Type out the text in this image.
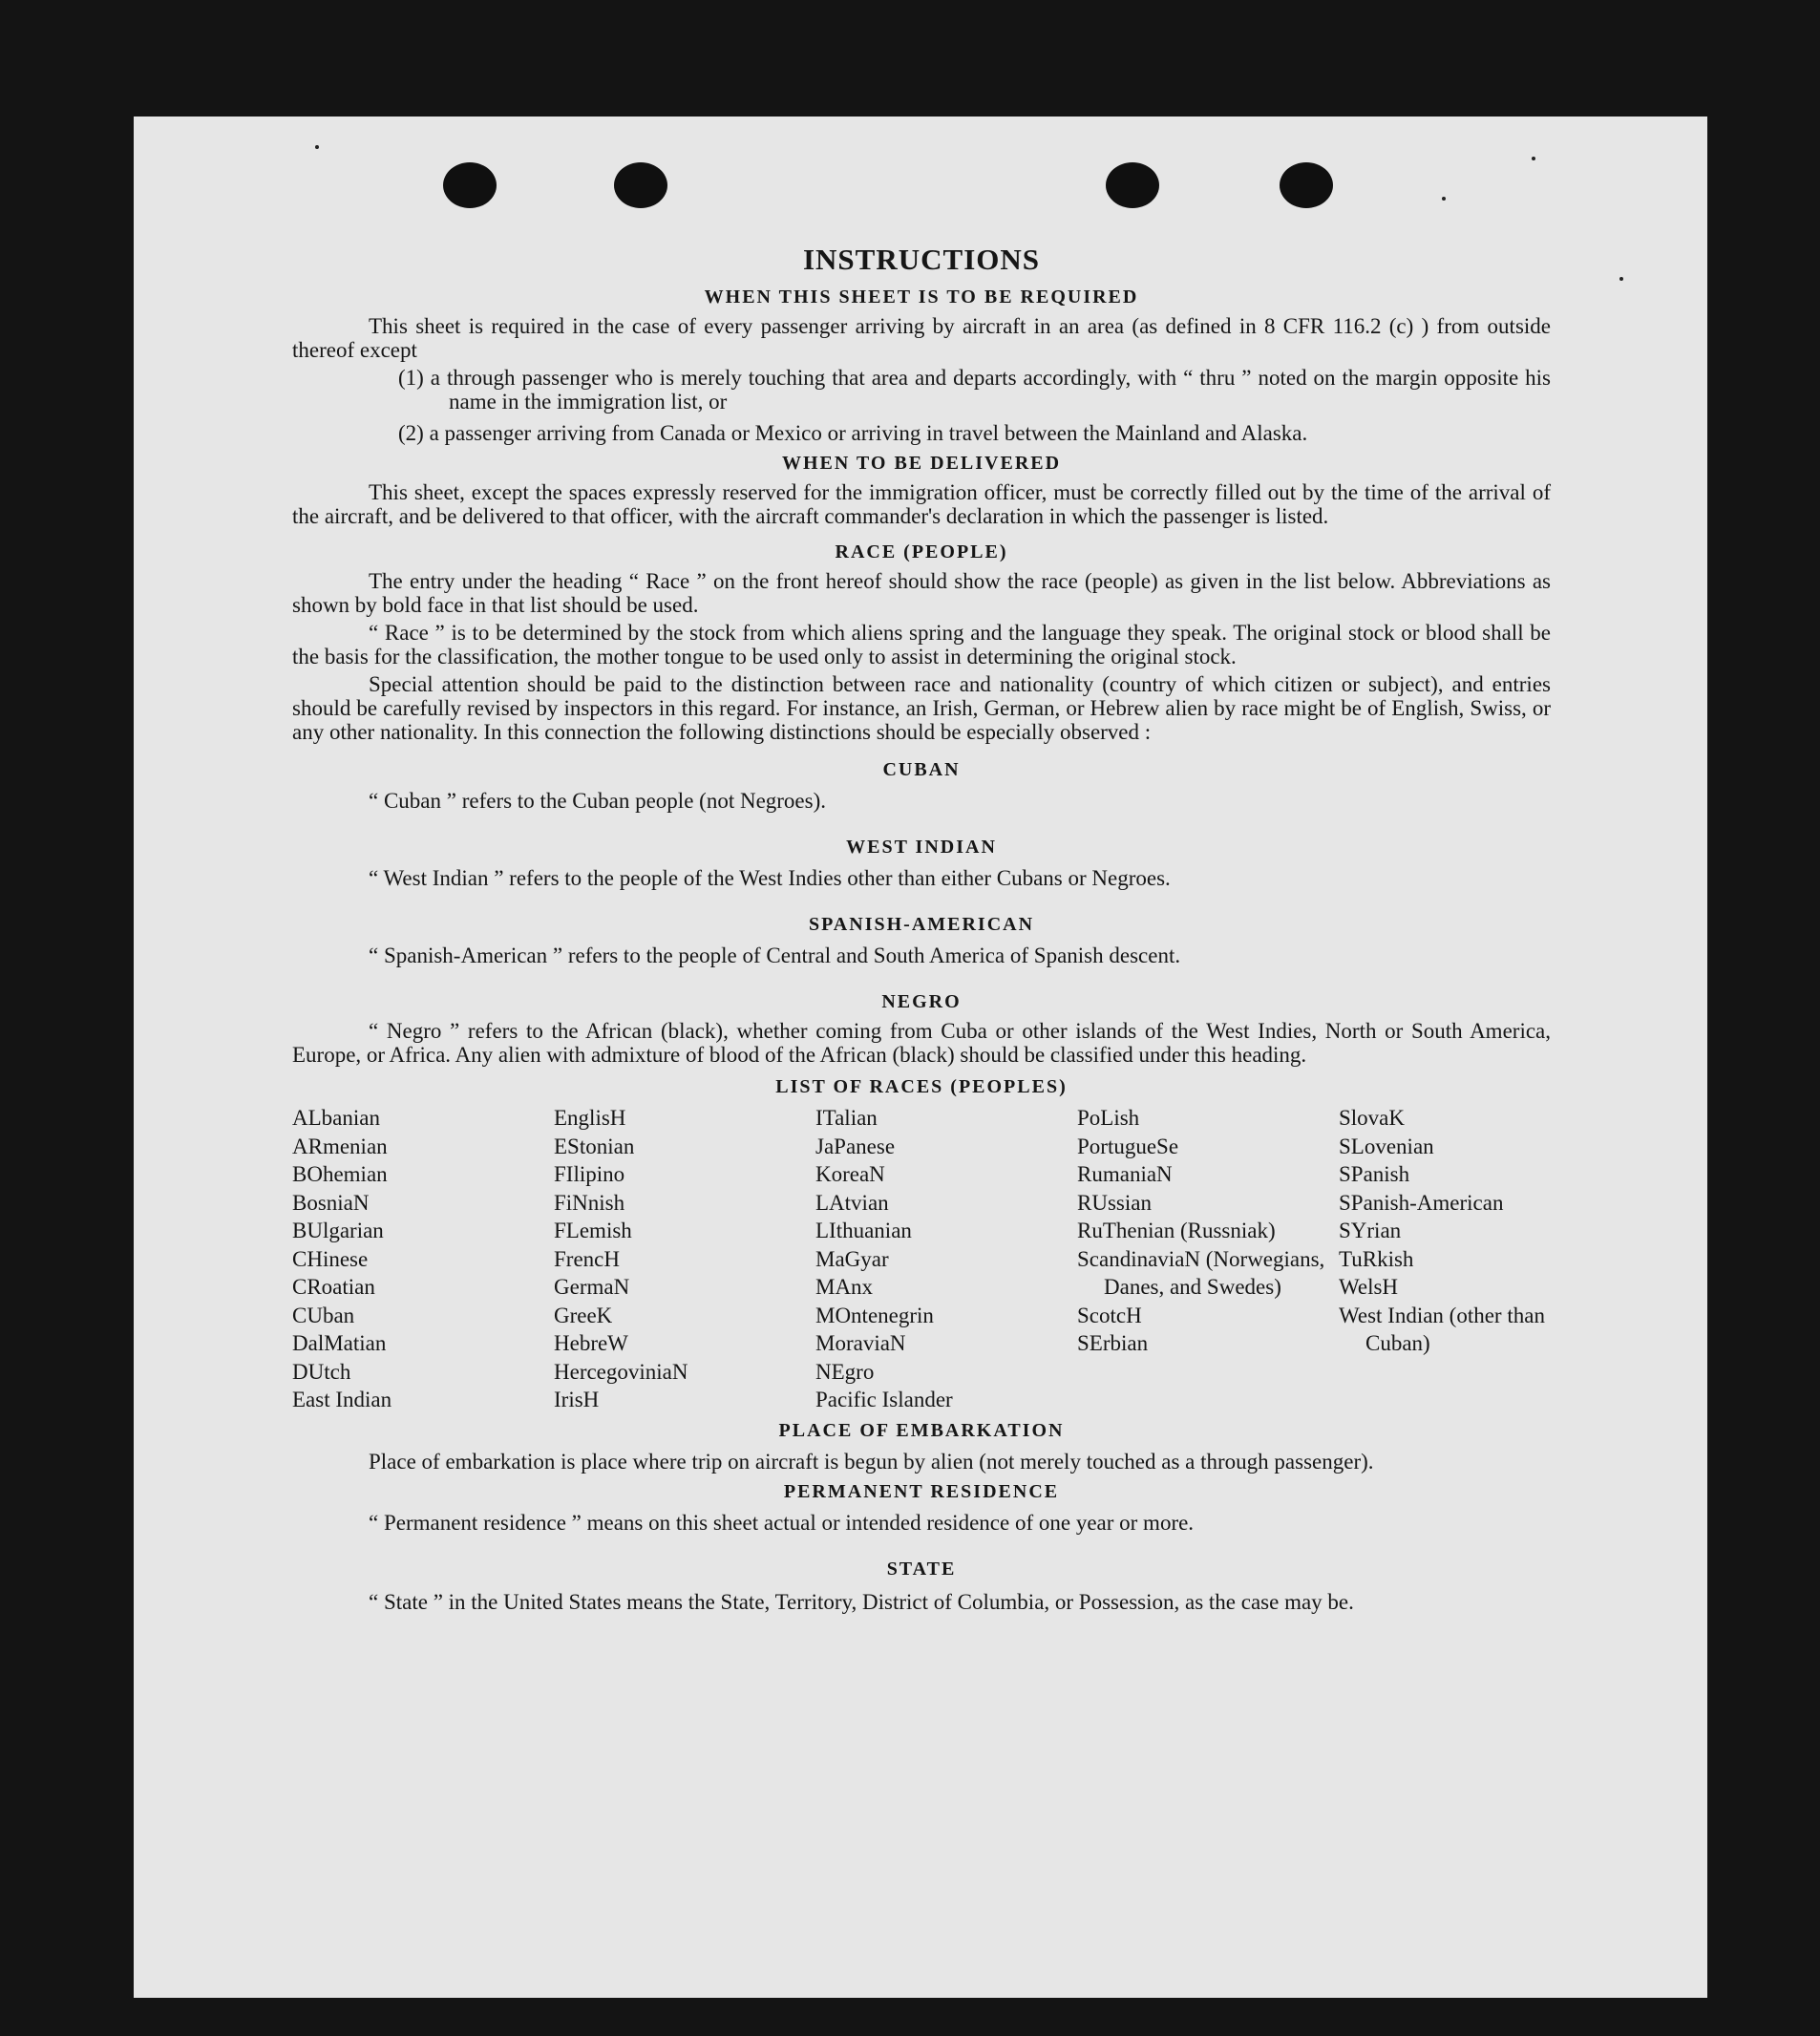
INSTRUCTIONS
WHEN THIS SHEET IS TO BE REQUIRED
This sheet is required in the case of every passenger arriving by aircraft in an area (as defined in 8 CFR 116.2 (c) ) from outside thereof except
(1) a through passenger who is merely touching that area and departs accordingly, with “ thru ” noted on the margin opposite his name in the immigration list, or
(2) a passenger arriving from Canada or Mexico or arriving in travel between the Mainland and Alaska.
WHEN TO BE DELIVERED
This sheet, except the spaces expressly reserved for the immigration officer, must be correctly filled out by the time of the arrival of the aircraft, and be delivered to that officer, with the aircraft commander's declaration in which the passenger is listed.
RACE (PEOPLE)
The entry under the heading “ Race ” on the front hereof should show the race (people) as given in the list below. Abbreviations as shown by bold face in that list should be used.
“ Race ” is to be determined by the stock from which aliens spring and the language they speak. The original stock or blood shall be the basis for the classification, the mother tongue to be used only to assist in determining the original stock.
Special attention should be paid to the distinction between race and nationality (country of which citizen or subject), and entries should be carefully revised by inspectors in this regard. For instance, an Irish, German, or Hebrew alien by race might be of English, Swiss, or any other nationality. In this connection the following distinctions should be especially observed :
CUBAN
“ Cuban ” refers to the Cuban people (not Negroes).
WEST INDIAN
“ West Indian ” refers to the people of the West Indies other than either Cubans or Negroes.
SPANISH-AMERICAN
“ Spanish-American ” refers to the people of Central and South America of Spanish descent.
NEGRO
“ Negro ” refers to the African (black), whether coming from Cuba or other islands of the West Indies, North or South America, Europe, or Africa. Any alien with admixture of blood of the African (black) should be classified under this heading.
LIST OF RACES (PEOPLES)
ALbanian
ARmenian
BOhemian
BosniaN
BUlgarian
CHinese
CRoatian
CUban
DalMatian
DUtch
East Indian
EnglisH
EStonian
FIlipino
FiNnish
FLemish
FrencH
GermaN
GreeK
HebreW
HercegoviniaN
IrisH
ITalian
JaPanese
KoreaN
LAtvian
LIthuanian
MaGyar
MAnx
MOntenegrin
MoraviaN
NEgro
Pacific Islander
PoLish
PortugueSe
RumaniaN
RUssian
RuThenian (Russniak)
ScandinaviaN (Norwegians, Danes, and Swedes)
ScotcH
SErbian
SlovaK
SLovenian
SPanish
SPanish-American
SYrian
TuRkish
WelsH
West Indian (other than Cuban)
PLACE OF EMBARKATION
Place of embarkation is place where trip on aircraft is begun by alien (not merely touched as a through passenger).
PERMANENT RESIDENCE
“ Permanent residence ” means on this sheet actual or intended residence of one year or more.
STATE
“ State ” in the United States means the State, Territory, District of Columbia, or Possession, as the case may be.
